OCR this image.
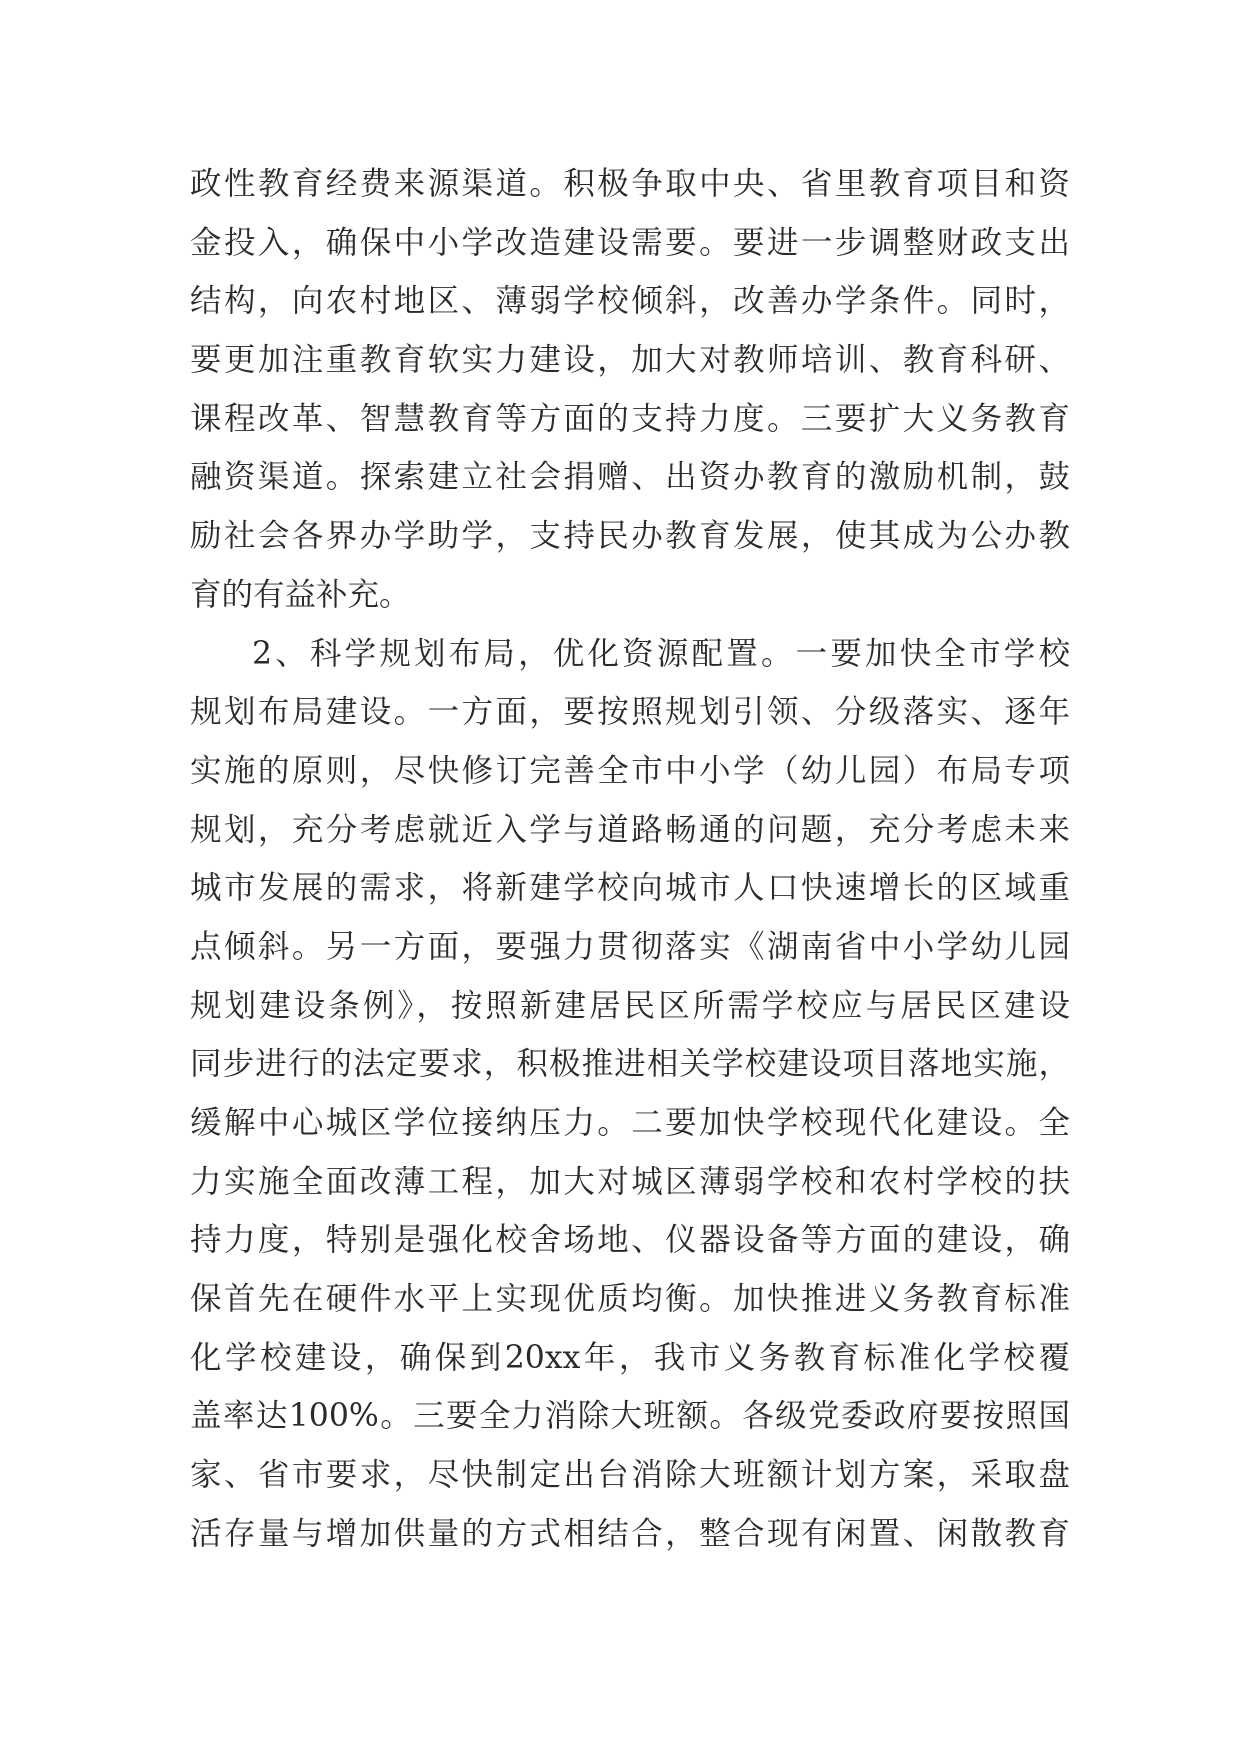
政性教育经费来源渠道。积极争取中央、省里教育项目和资
金投入，确保中小学改造建设需要。要进一步调整财政支出
结构，向农村地区、薄弱学校倾斜，改善办学条件。同时，
要更加注重教育软实力建设，加大对教师培训、教育科研、
课程改革、智慧教育等方面的支持力度。三要扩大义务教育
融资渠道。探索建立社会捐赠、出资办教育的激励机制，鼓
励社会各界办学助学，支持民办教育发展，使其成为公办教
育的有益补充。
2、科学规划布局，优化资源配置。一要加快全市学校
规划布局建设。一方面，要按照规划引领、分级落实、逐年
实施的原则，尽快修订完善全市中小学（幼儿园）布局专项
规划，充分考虑就近入学与道路畅通的问题，充分考虑未来
城市发展的需求，将新建学校向城市人口快速增长的区域重
点倾斜。另一方面，要强力贯彻落实《湖南省中小学幼儿园
规划建设条例》，按照新建居民区所需学校应与居民区建设
同步进行的法定要求，积极推进相关学校建设项目落地实施，
缓解中心城区学位接纳压力。二要加快学校现代化建设。全
力实施全面改薄工程，加大对城区薄弱学校和农村学校的扶
持力度，特别是强化校舍场地、仪器设备等方面的建设，确
保首先在硬件水平上实现优质均衡。加快推进义务教育标准
化学校建设，确保到20xx年，我市义务教育标准化学校覆
盖率达100%。三要全力消除大班额。各级党委政府要按照国
家、省市要求，尽快制定出台消除大班额计划方案，采取盘
活存量与增加供量的方式相结合，整合现有闲置、闲散教育
